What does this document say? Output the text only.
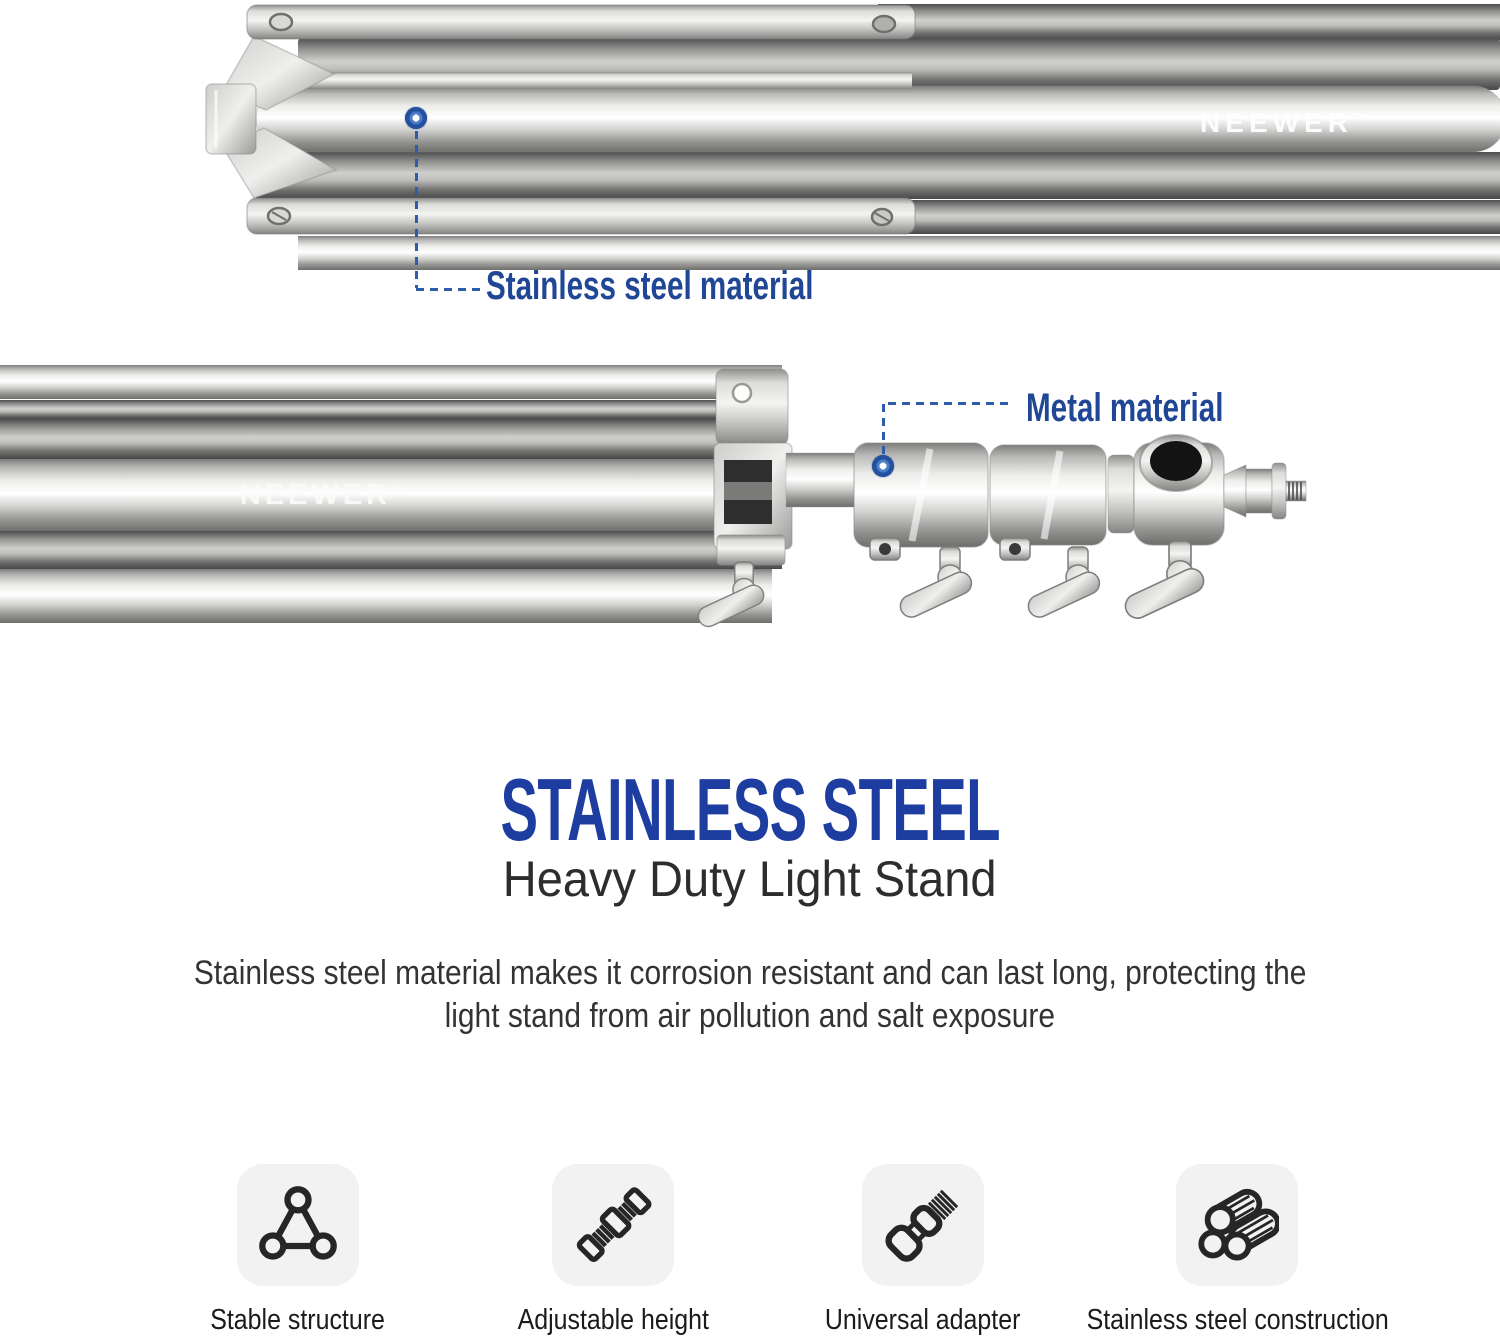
NEEWER™
Stainless steel material
NEEWER™
Metal material
STAINLESS STEEL
Heavy Duty Light Stand
Stainless steel material makes it corrosion resistant and can last long, protecting the
light stand from air pollution and salt exposure
Stable structure	Adjustable height	Universal adapter	Stainless steel construction
